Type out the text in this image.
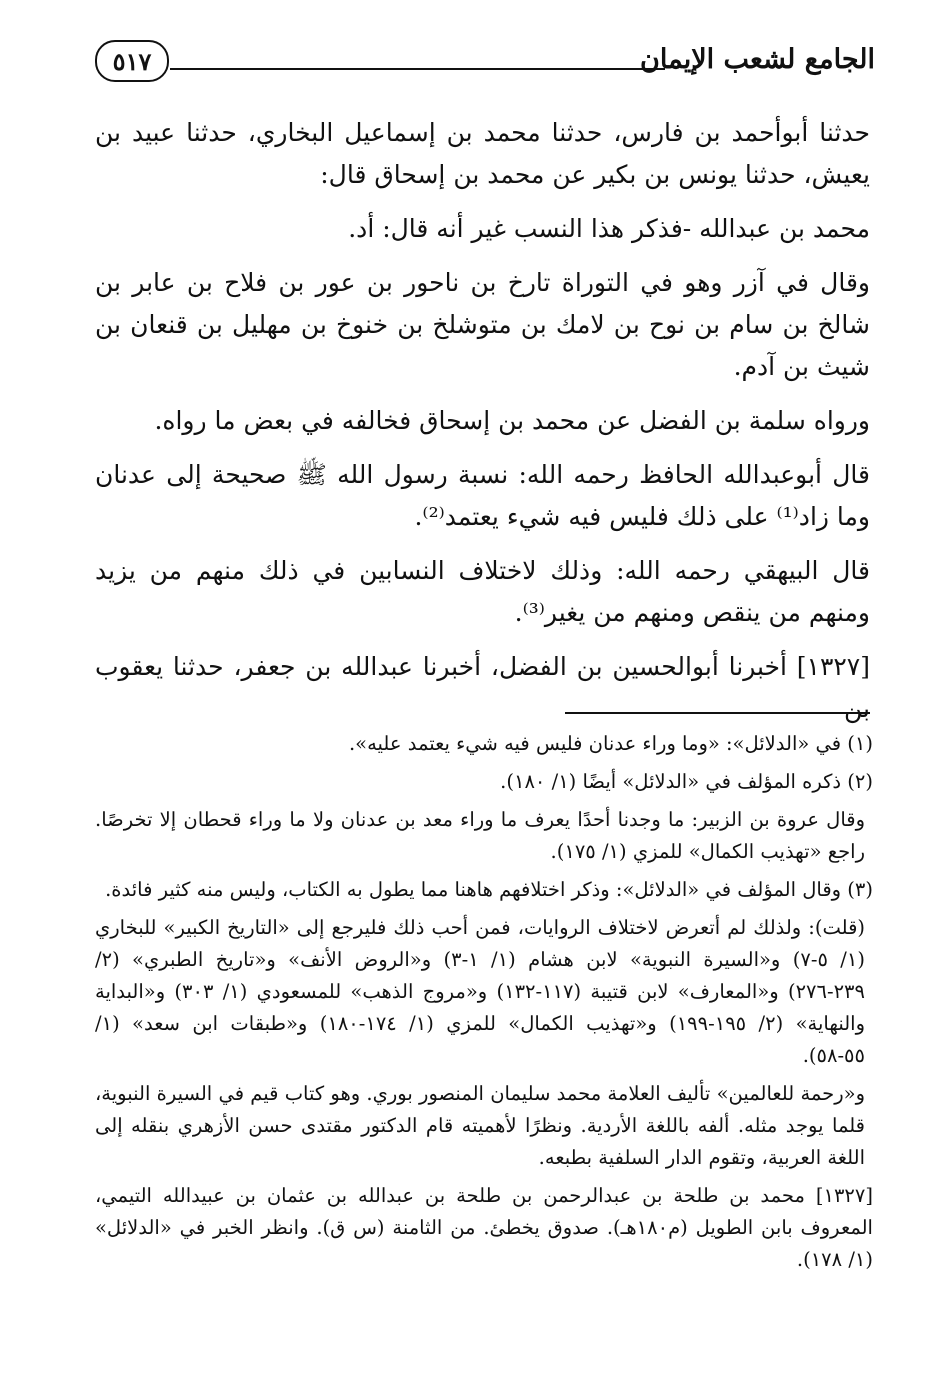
الجامع لشعب الإيمان
٥١٧

حدثنا أبوأحمد بن فارس، حدثنا محمد بن إسماعيل البخاري، حدثنا عبيد بن يعيش، حدثنا يونس بن بكير عن محمد بن إسحاق قال:

محمد بن عبدالله -فذكر هذا النسب غير أنه قال: أد.

وقال في آزر وهو في التوراة تارخ بن ناحور بن عور بن فلاح بن عابر بن شالخ بن سام بن نوح بن لامك بن متوشلخ بن خنوخ بن مهليل بن قنعان بن شيث بن آدم.

ورواه سلمة بن الفضل عن محمد بن إسحاق فخالفه في بعض ما رواه.

قال أبوعبدالله الحافظ رحمه الله: نسبة رسول الله ﷺ صحيحة إلى عدنان وما زاد⁽¹⁾ على ذلك فليس فيه شيء يعتمد⁽²⁾.

قال البيهقي رحمه الله: وذلك لاختلاف النسابين في ذلك منهم من يزيد ومنهم من ينقص ومنهم من يغير⁽³⁾.

[١٣٢٧] أخبرنا أبوالحسين بن الفضل، أخبرنا عبدالله بن جعفر، حدثنا يعقوب بن

(١) في «الدلائل»: «وما وراء عدنان فليس فيه شيء يعتمد عليه».

(٢) ذكره المؤلف في «الدلائل» أيضًا (١/ ١٨٠).

وقال عروة بن الزبير: ما وجدنا أحدًا يعرف ما وراء معد بن عدنان ولا ما وراء قحطان إلا تخرصًا. راجع «تهذيب الكمال» للمزي (١/ ١٧٥).

(٣) وقال المؤلف في «الدلائل»: وذكر اختلافهم هاهنا مما يطول به الكتاب، وليس منه كثير فائدة.

(قلت): ولذلك لم أتعرض لاختلاف الروايات، فمن أحب ذلك فليرجع إلى «التاريخ الكبير» للبخاري (١/ ٥-٧) و«السيرة النبوية» لابن هشام (١/ ١-٣) و«الروض الأنف» و«تاريخ الطبري» (٢/ ٢٣٩-٢٧٦) و«المعارف» لابن قتيبة (١١٧-١٣٢) و«مروج الذهب» للمسعودي (١/ ٣٠٣) و«البداية والنهاية» (٢/ ١٩٥-١٩٩) و«تهذيب الكمال» للمزي (١/ ١٧٤-١٨٠) و«طبقات ابن سعد» (١/ ٥٥-٥٨).

و«رحمة للعالمين» تأليف العلامة محمد سليمان المنصور بوري. وهو كتاب قيم في السيرة النبوية، قلما يوجد مثله. ألفه باللغة الأردية. ونظرًا لأهميته قام الدكتور مقتدى حسن الأزهري بنقله إلى اللغة العربية، وتقوم الدار السلفية بطبعه.

[١٣٢٧] محمد بن طلحة بن عبدالرحمن بن طلحة بن عبدالله بن عثمان بن عبيدالله التيمي، المعروف بابن الطويل (م١٨٠هـ). صدوق يخطئ. من الثامنة (س ق). وانظر الخبر في «الدلائل» (١/ ١٧٨).
